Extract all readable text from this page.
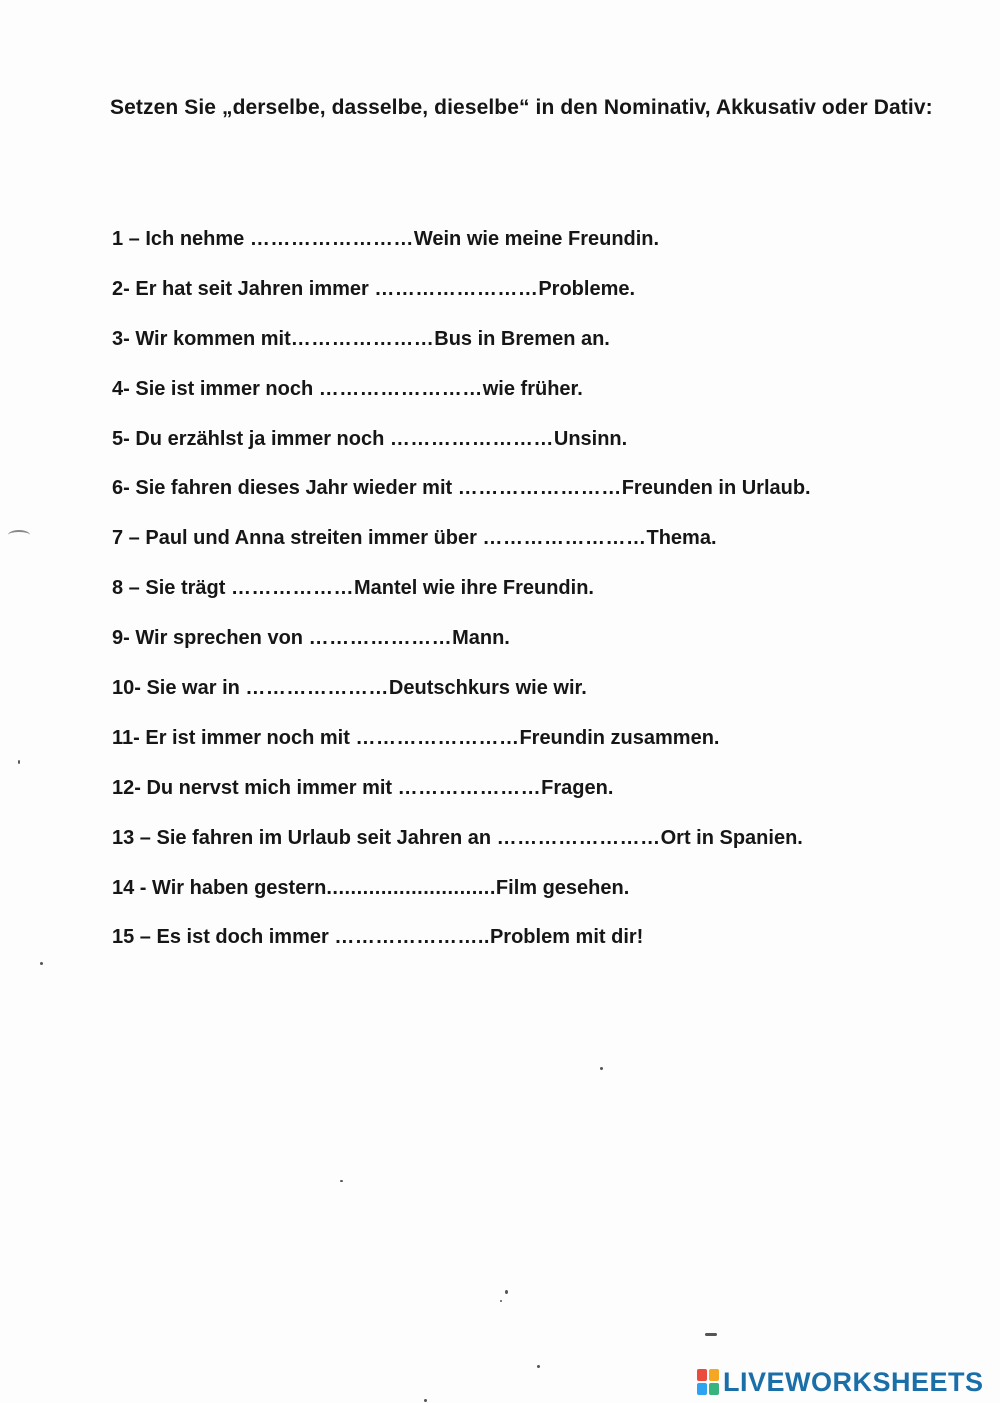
Setzen Sie „derselbe, dasselbe, dieselbe“ in den Nominativ, Akkusativ oder Dativ:
1 – Ich nehme ……………………Wein wie meine Freundin.
2- Er hat seit Jahren immer ……………………Probleme.
3- Wir kommen mit…………………Bus in Bremen an.
4- Sie ist immer noch ……………………wie früher.
5- Du erzählst ja immer noch ……………………Unsinn.
6- Sie fahren dieses Jahr wieder mit ……………………Freunden in Urlaub.
7 – Paul und Anna streiten immer über ……………………Thema.
8 – Sie trägt ………………Mantel wie ihre Freundin.
9- Wir sprechen von …………………Mann.
10- Sie war in …………………Deutschkurs wie wir.
11- Er ist immer noch mit ……………………Freundin zusammen.
12- Du nervst mich immer mit …………………Fragen.
13 – Sie fahren im Urlaub seit Jahren an ……………………Ort in Spanien.
14 - Wir haben gestern............................Film gesehen.
15 – Es ist doch immer …………………..Problem mit dir!
LIVEWORKSHEETS
